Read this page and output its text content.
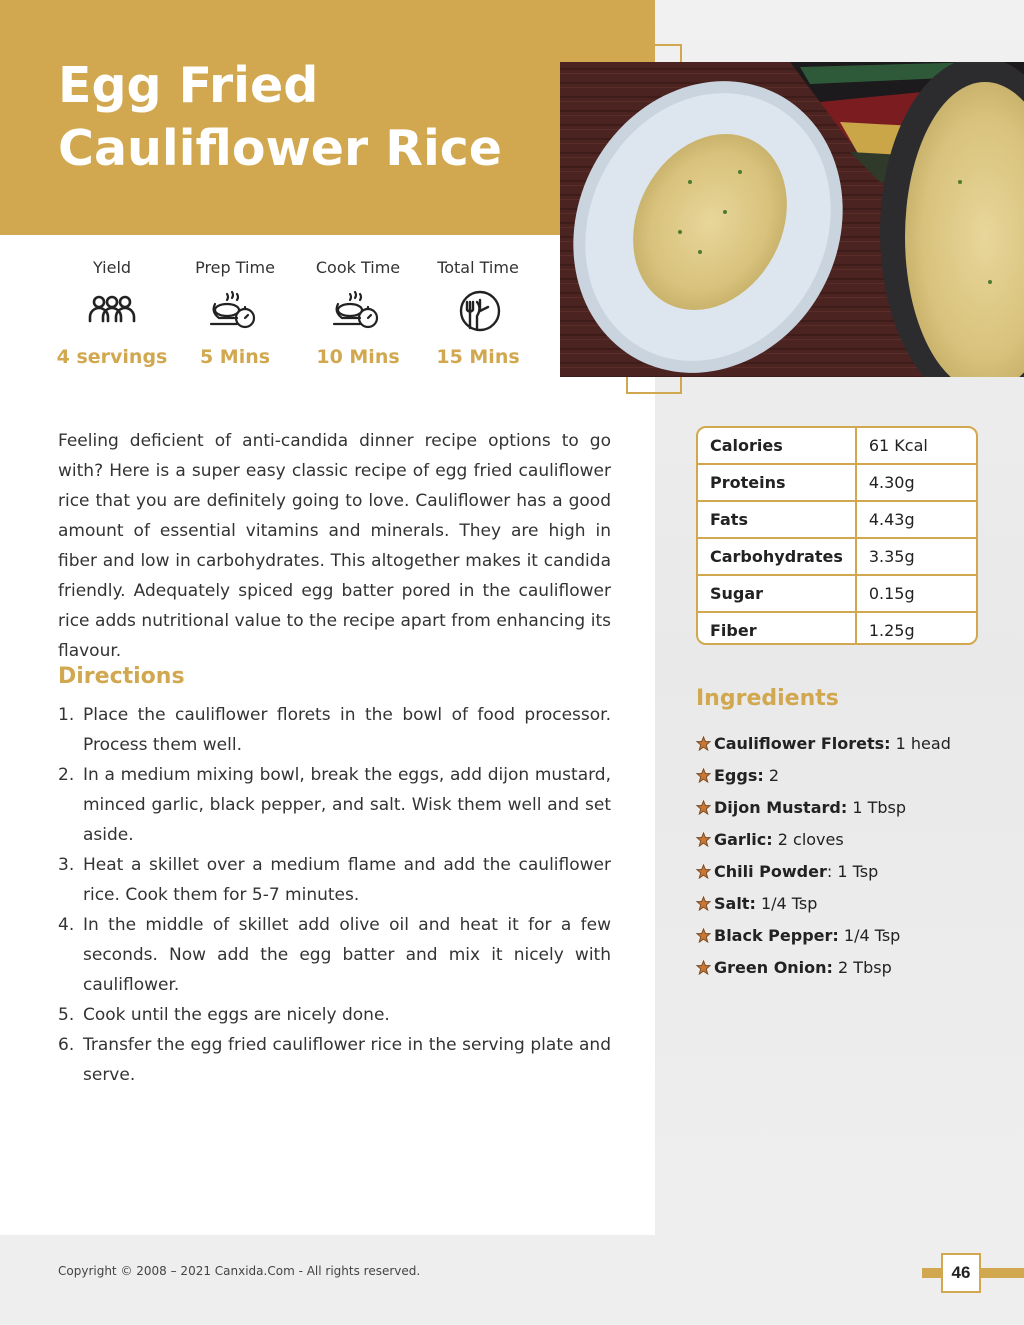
Egg Fried
Cauliflower Rice
Yield
4 servings
Prep Time
5 Mins
Cook Time
10 Mins
Total Time
15 Mins

Feeling deficient of anti-candida dinner recipe options to go with? Here is a super easy classic recipe of egg fried cauliflower rice that you are definitely going to love. Cauliflower has a good amount of essential vitamins and minerals. They are high in fiber and low in carbohydrates. This altogether makes it candida friendly. Adequately spiced egg batter pored in the cauliflower rice adds nutritional value to the recipe apart from enhancing its flavour.

Directions
1. Place the cauliflower florets in the bowl of food processor. Process them well.
2. In a medium mixing bowl, break the eggs, add dijon mustard, minced garlic, black pepper, and salt. Wisk them well and set aside.
3. Heat a skillet over a medium flame and add the cauliflower rice. Cook them for 5-7 minutes.
4. In the middle of skillet add olive oil and heat it for a few seconds. Now add the egg batter and mix it nicely with cauliflower.
5. Cook until the eggs are nicely done.
6. Transfer the egg fried cauliflower rice in the serving plate and serve.
Calories	61 Kcal
Proteins	4.30g
Fats	4.43g
Carbohydrates	3.35g
Sugar	0.15g
Fiber	1.25g
Ingredients
Cauliflower Florets: 1 head
Eggs: 2
Dijon Mustard: 1 Tbsp
Garlic: 2 cloves
Chili Powder: 1 Tsp
Salt: 1/4 Tsp
Black Pepper: 1/4 Tsp
Green Onion: 2 Tbsp
Copyright © 2008 – 2021 Canxida.Com - All rights reserved.	46
